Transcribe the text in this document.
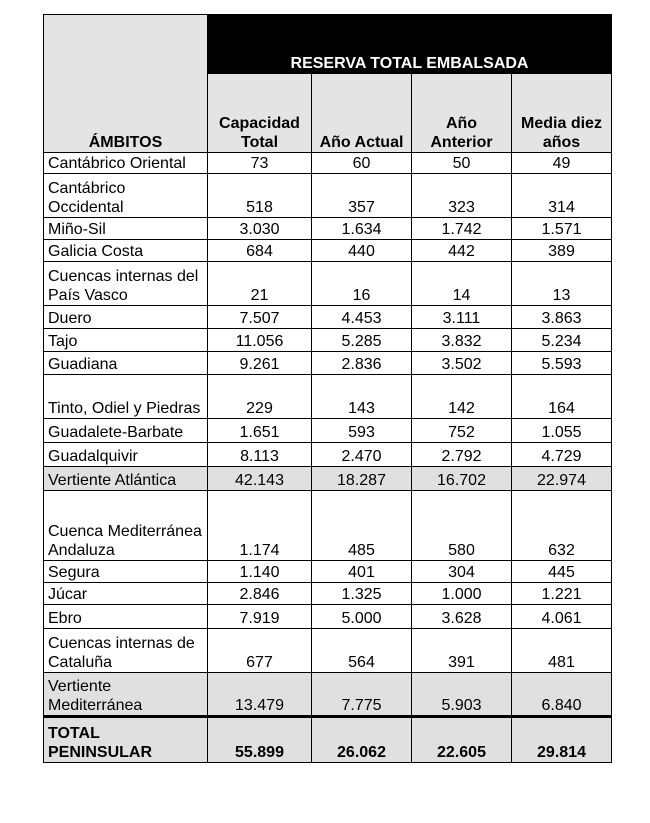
ÁMBITOS	RESERVA TOTAL EMBALSADA			
	Capacidad Total	Año Actual	Año Anterior	Media diez años
Cantábrico Oriental	73	60	50	49
Cantábrico Occidental	518	357	323	314
Miño-Sil	3.030	1.634	1.742	1.571
Galicia Costa	684	440	442	389
Cuencas internas del País Vasco	21	16	14	13
Duero	7.507	4.453	3.111	3.863
Tajo	11.056	5.285	3.832	5.234
Guadiana	9.261	2.836	3.502	5.593
Tinto, Odiel y Piedras	229	143	142	164
Guadalete-Barbate	1.651	593	752	1.055
Guadalquivir	8.113	2.470	2.792	4.729
Vertiente Atlántica	42.143	18.287	16.702	22.974
Cuenca Mediterránea Andaluza	1.174	485	580	632
Segura	1.140	401	304	445
Júcar	2.846	1.325	1.000	1.221
Ebro	7.919	5.000	3.628	4.061
Cuencas internas de Cataluña	677	564	391	481
Vertiente Mediterránea	13.479	7.775	5.903	6.840
TOTAL PENINSULAR	55.899	26.062	22.605	29.814
